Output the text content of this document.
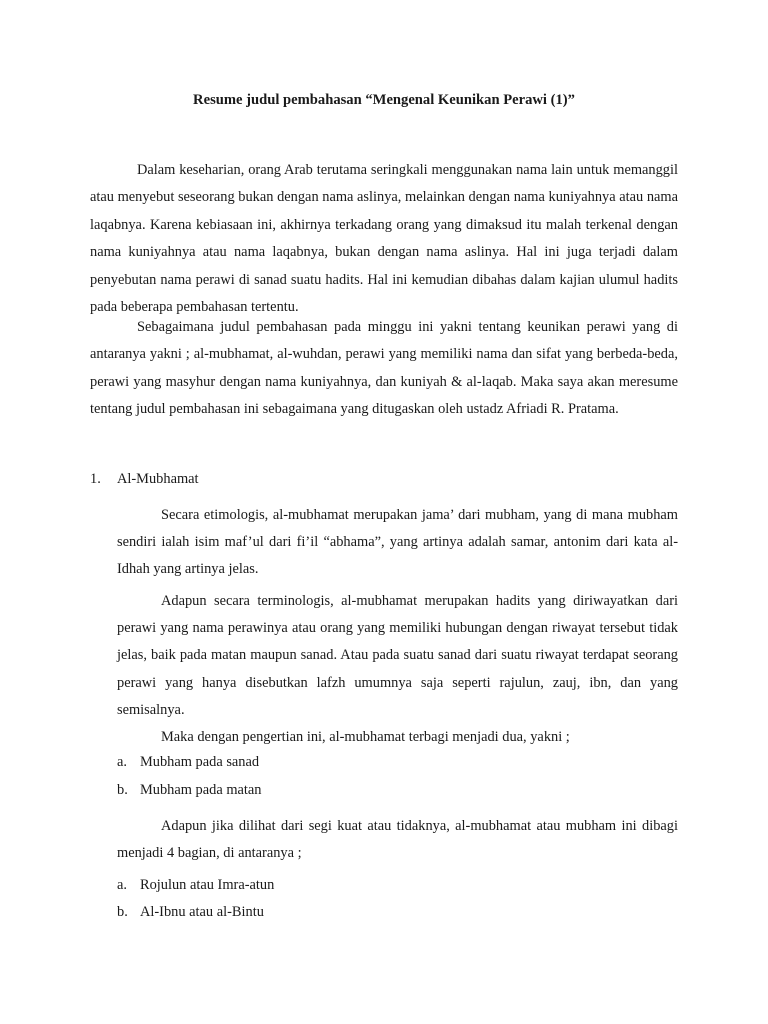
Resume judul pembahasan “Mengenal Keunikan Perawi (1)”

Dalam keseharian, orang Arab terutama seringkali menggunakan nama lain untuk memanggil atau menyebut seseorang bukan dengan nama aslinya, melainkan dengan nama kuniyahnya atau nama laqabnya. Karena kebiasaan ini, akhirnya terkadang orang yang dimaksud itu malah terkenal dengan nama kuniyahnya atau nama laqabnya, bukan dengan nama aslinya. Hal ini juga terjadi dalam penyebutan nama perawi di sanad suatu hadits. Hal ini kemudian dibahas dalam kajian ulumul hadits pada beberapa pembahasan tertentu.

Sebagaimana judul pembahasan pada minggu ini yakni tentang keunikan perawi yang di antaranya yakni ; al-mubhamat, al-wuhdan, perawi yang memiliki nama dan sifat yang berbeda-beda, perawi yang masyhur dengan nama kuniyahnya, dan kuniyah & al-laqab. Maka saya akan meresume tentang judul pembahasan ini sebagaimana yang ditugaskan oleh ustadz Afriadi R. Pratama.

1. Al-Mubhamat

Secara etimologis, al-mubhamat merupakan jama’ dari mubham, yang di mana mubham sendiri ialah isim maf’ul dari fi’il “abhama”, yang artinya adalah samar, antonim dari kata al-Idhah yang artinya jelas.

Adapun secara terminologis, al-mubhamat merupakan hadits yang diriwayatkan dari perawi yang nama perawinya atau orang yang memiliki hubungan dengan riwayat tersebut tidak jelas, baik pada matan maupun sanad. Atau pada suatu sanad dari suatu riwayat terdapat seorang perawi yang hanya disebutkan lafzh umumnya saja seperti rajulun, zauj, ibn, dan yang semisalnya.

Maka dengan pengertian ini, al-mubhamat terbagi menjadi dua, yakni ;

a. Mubham pada sanad

b. Mubham pada matan

Adapun jika dilihat dari segi kuat atau tidaknya, al-mubhamat atau mubham ini dibagi menjadi 4 bagian, di antaranya ;

a. Rojulun atau Imra-atun

b. Al-Ibnu atau al-Bintu
